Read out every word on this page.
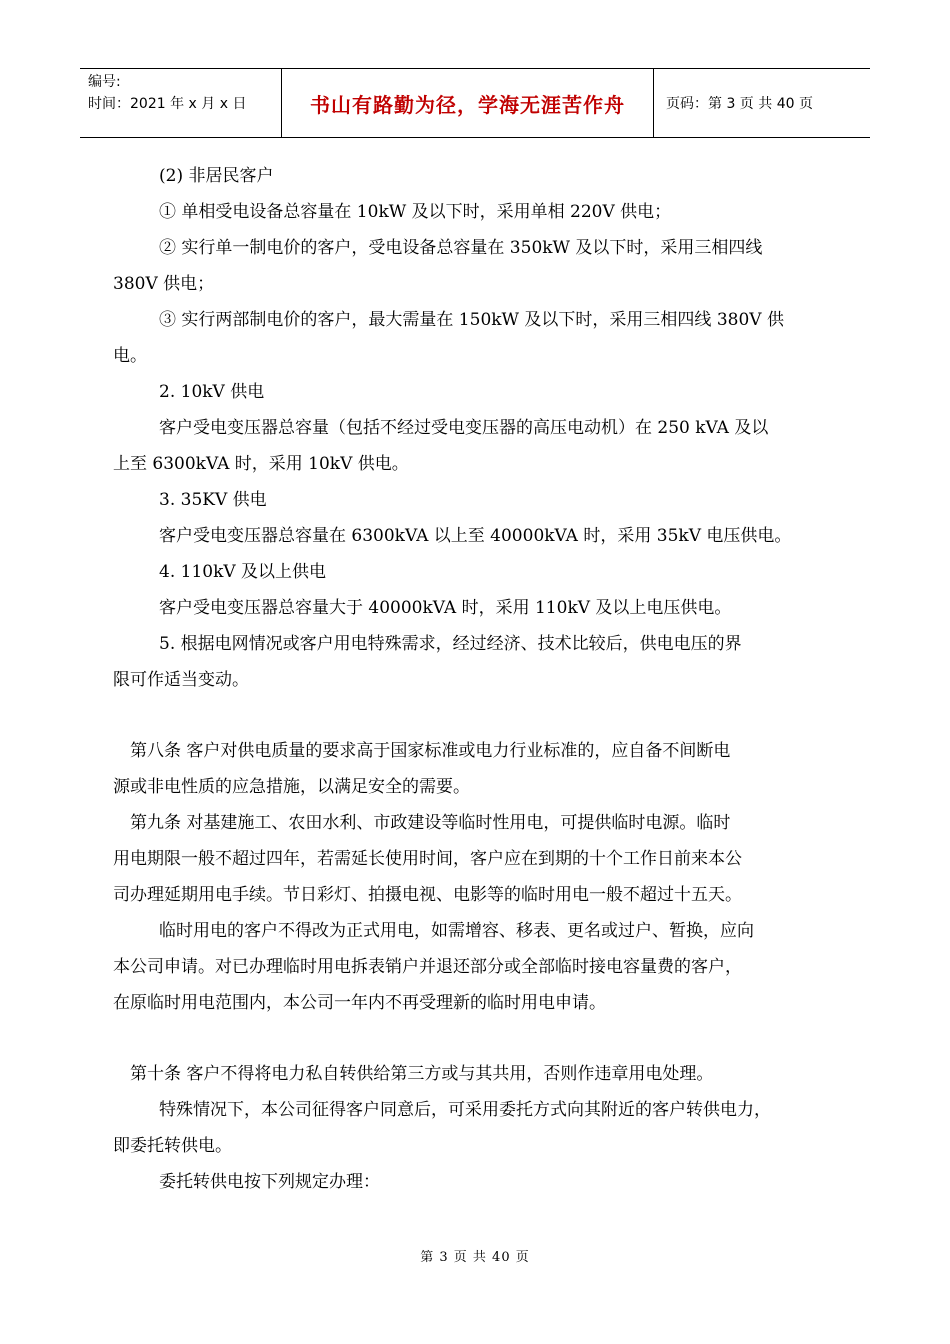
编号:
时间：2021 年 x 月 x 日	书山有路勤为径，学海无涯苦作舟	页码：第 3 页 共 40 页

(2) 非居民客户

① 单相受电设备总容量在 10kW 及以下时，采用单相 220V 供电；

② 实行单一制电价的客户，受电设备总容量在 350kW 及以下时，采用三相四线

380V 供电；

③ 实行两部制电价的客户，最大需量在 150kW 及以下时，采用三相四线 380V 供

电。

2. 10kV 供电

客户受电变压器总容量（包括不经过受电变压器的高压电动机）在 250 kVA 及以

上至 6300kVA 时，采用 10kV 供电。

3. 35KV 供电

客户受电变压器总容量在 6300kVA 以上至 40000kVA 时，采用 35kV 电压供电。

4. 110kV 及以上供电

客户受电变压器总容量大于 40000kVA 时，采用 110kV 及以上电压供电。

5. 根据电网情况或客户用电特殊需求，经过经济、技术比较后，供电电压的界

限可作适当变动。

第八条 客户对供电质量的要求高于国家标准或电力行业标准的，应自备不间断电

源或非电性质的应急措施，以满足安全的需要。

第九条 对基建施工、农田水利、市政建设等临时性用电，可提供临时电源。临时

用电期限一般不超过四年，若需延长使用时间，客户应在到期的十个工作日前来本公

司办理延期用电手续。节日彩灯、拍摄电视、电影等的临时用电一般不超过十五天。

临时用电的客户不得改为正式用电，如需增容、移表、更名或过户、暂换，应向

本公司申请。对已办理临时用电拆表销户并退还部分或全部临时接电容量费的客户，

在原临时用电范围内，本公司一年内不再受理新的临时用电申请。

第十条 客户不得将电力私自转供给第三方或与其共用，否则作违章用电处理。

特殊情况下，本公司征得客户同意后，可采用委托方式向其附近的客户转供电力，

即委托转供电。

委托转供电按下列规定办理：

第 3 页 共 40 页
